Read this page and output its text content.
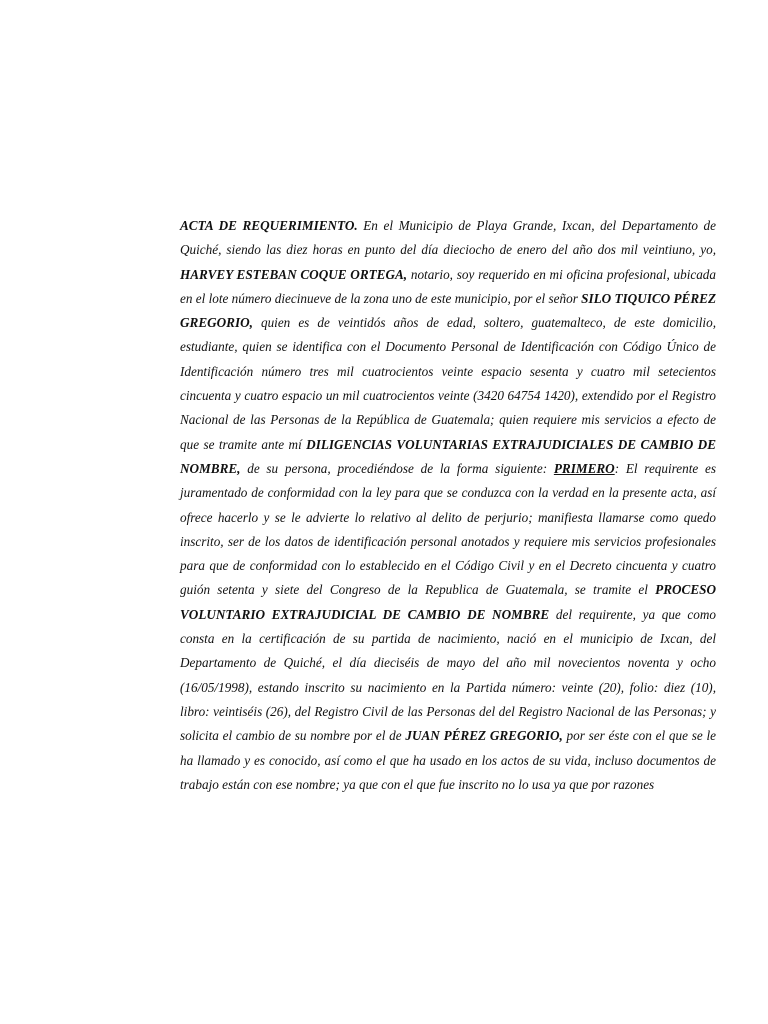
ACTA DE REQUERIMIENTO. En el Municipio de Playa Grande, Ixcan, del Departamento de Quiché, siendo las diez horas en punto del día dieciocho de enero del año dos mil veintiuno, yo, HARVEY ESTEBAN COQUE ORTEGA, notario, soy requerido en mi oficina profesional, ubicada en el lote número diecinueve de la zona uno de este municipio, por el señor SILO TIQUICO PÉREZ GREGORIO, quien es de veintidós años de edad, soltero, guatemalteco, de este domicilio, estudiante, quien se identifica con el Documento Personal de Identificación con Código Único de Identificación número tres mil cuatrocientos veinte espacio sesenta y cuatro mil setecientos cincuenta y cuatro espacio un mil cuatrocientos veinte (3420 64754 1420), extendido por el Registro Nacional de las Personas de la República de Guatemala; quien requiere mis servicios a efecto de que se tramite ante mí DILIGENCIAS VOLUNTARIAS EXTRAJUDICIALES DE CAMBIO DE NOMBRE, de su persona, procediéndose de la forma siguiente: PRIMERO: El requirente es juramentado de conformidad con la ley para que se conduzca con la verdad en la presente acta, así ofrece hacerlo y se le advierte lo relativo al delito de perjurio; manifiesta llamarse como quedo inscrito, ser de los datos de identificación personal anotados y requiere mis servicios profesionales para que de conformidad con lo establecido en el Código Civil y en el Decreto cincuenta y cuatro guión setenta y siete del Congreso de la Republica de Guatemala, se tramite el PROCESO VOLUNTARIO EXTRAJUDICIAL DE CAMBIO DE NOMBRE del requirente, ya que como consta en la certificación de su partida de nacimiento, nació en el municipio de Ixcan, del Departamento de Quiché, el día dieciséis de mayo del año mil novecientos noventa y ocho (16/05/1998), estando inscrito su nacimiento en la Partida número: veinte (20), folio: diez (10), libro: veintiséis (26), del Registro Civil de las Personas del del Registro Nacional de las Personas; y solicita el cambio de su nombre por el de JUAN PÉREZ GREGORIO, por ser éste con el que se le ha llamado y es conocido, así como el que ha usado en los actos de su vida, incluso documentos de trabajo están con ese nombre; ya que con el que fue inscrito no lo usa ya que por razones
